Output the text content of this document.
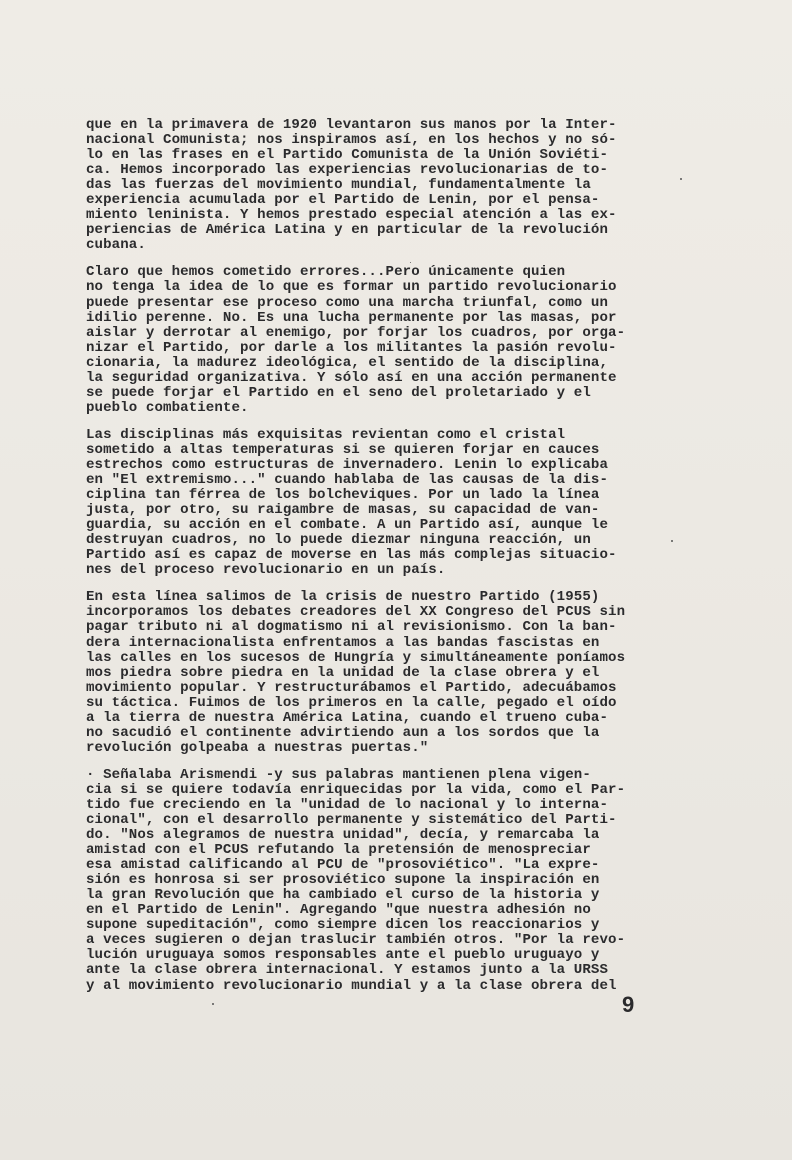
que en la primavera de 1920 levantaron sus manos por la Inter-
nacional Comunista; nos inspiramos así, en los hechos y no só-
lo en las frases en el Partido Comunista de la Unión Soviéti-
ca. Hemos incorporado las experiencias revolucionarias de to-
das las fuerzas del movimiento mundial, fundamentalmente la
experiencia acumulada por el Partido de Lenin, por el pensa-
miento leninista. Y hemos prestado especial atención a las ex-
periencias de América Latina y en particular de la revolución
cubana.

Claro que hemos cometido errores...Pero únicamente quien
no tenga la idea de lo que es formar un partido revolucionario
puede presentar ese proceso como una marcha triunfal, como un
idilio perenne. No. Es una lucha permanente por las masas, por
aislar y derrotar al enemigo, por forjar los cuadros, por orga-
nizar el Partido, por darle a los militantes la pasión revolu-
cionaria, la madurez ideológica, el sentido de la disciplina,
la seguridad organizativa. Y sólo así en una acción permanente
se puede forjar el Partido en el seno del proletariado y el
pueblo combatiente.

Las disciplinas más exquisitas revientan como el cristal
sometido a altas temperaturas si se quieren forjar en cauces
estrechos como estructuras de invernadero. Lenin lo explicaba
en "El extremismo..." cuando hablaba de las causas de la dis-
ciplina tan férrea de los bolcheviques. Por un lado la línea
justa, por otro, su raigambre de masas, su capacidad de van-
guardia, su acción en el combate. A un Partido así, aunque le
destruyan cuadros, no lo puede diezmar ninguna reacción, un
Partido así es capaz de moverse en las más complejas situacio-
nes del proceso revolucionario en un país.

En esta línea salimos de la crisis de nuestro Partido (1955)
incorporamos los debates creadores del XX Congreso del PCUS sin
pagar tributo ni al dogmatismo ni al revisionismo. Con la ban-
dera internacionalista enfrentamos a las bandas fascistas en
las calles en los sucesos de Hungría y simultáneamente poníamos
mos piedra sobre piedra en la unidad de la clase obrera y el
movimiento popular. Y restructurábamos el Partido, adecuábamos
su táctica. Fuimos de los primeros en la calle, pegado el oído
a la tierra de nuestra América Latina, cuando el trueno cuba-
no sacudió el continente advirtiendo aun a los sordos que la
revolución golpeaba a nuestras puertas."

· Señalaba Arismendi -y sus palabras mantienen plena vigen-
cia si se quiere todavía enriquecidas por la vida, como el Par-
tido fue creciendo en la "unidad de lo nacional y lo interna-
cional", con el desarrollo permanente y sistemático del Parti-
do. "Nos alegramos de nuestra unidad", decía, y remarcaba la
amistad con el PCUS refutando la pretensión de menospreciar
esa amistad calificando al PCU de "prosoviético". "La expre-
sión es honrosa si ser prosoviético supone la inspiración en
la gran Revolución que ha cambiado el curso de la historia y
en el Partido de Lenin". Agregando "que nuestra adhesión no
supone supeditación", como siempre dicen los reaccionarios y
a veces sugieren o dejan traslucir también otros. "Por la revo-
lución uruguaya somos responsables ante el pueblo uruguayo y
ante la clase obrera internacional. Y estamos junto a la URSS
y al movimiento revolucionario mundial y a la clase obrera del

9
